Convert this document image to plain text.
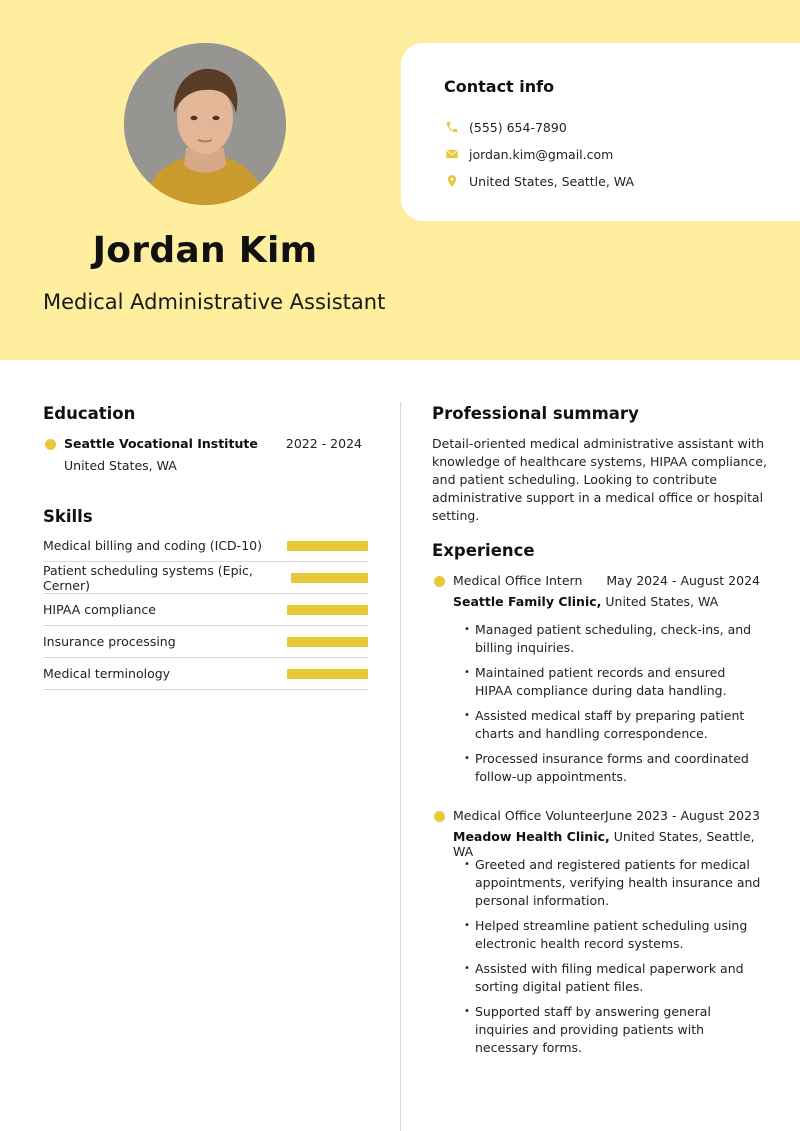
Jordan Kim
Medical Administrative Assistant
Contact info
(555) 654-7890
jordan.kim@gmail.com
United States, Seattle, WA
Education
Seattle Vocational Institute 2022 - 2024
United States, WA
Skills
Medical billing and coding (ICD-10)
Patient scheduling systems (Epic, Cerner)
HIPAA compliance
Insurance processing
Medical terminology
Professional summary
Detail-oriented medical administrative assistant with knowledge of healthcare systems, HIPAA compliance, and patient scheduling. Looking to contribute administrative support in a medical office or hospital setting.
Experience
Medical Office Intern May 2024 - August 2024
Seattle Family Clinic, United States, WA
• Managed patient scheduling, check-ins, and billing inquiries.
• Maintained patient records and ensured HIPAA compliance during data handling.
• Assisted medical staff by preparing patient charts and handling correspondence.
• Processed insurance forms and coordinated follow-up appointments.
Medical Office Volunteer June 2023 - August 2023
Meadow Health Clinic, United States, Seattle, WA
• Greeted and registered patients for medical appointments, verifying health insurance and personal information.
• Helped streamline patient scheduling using electronic health record systems.
• Assisted with filing medical paperwork and sorting digital patient files.
• Supported staff by answering general inquiries and providing patients with necessary forms.
